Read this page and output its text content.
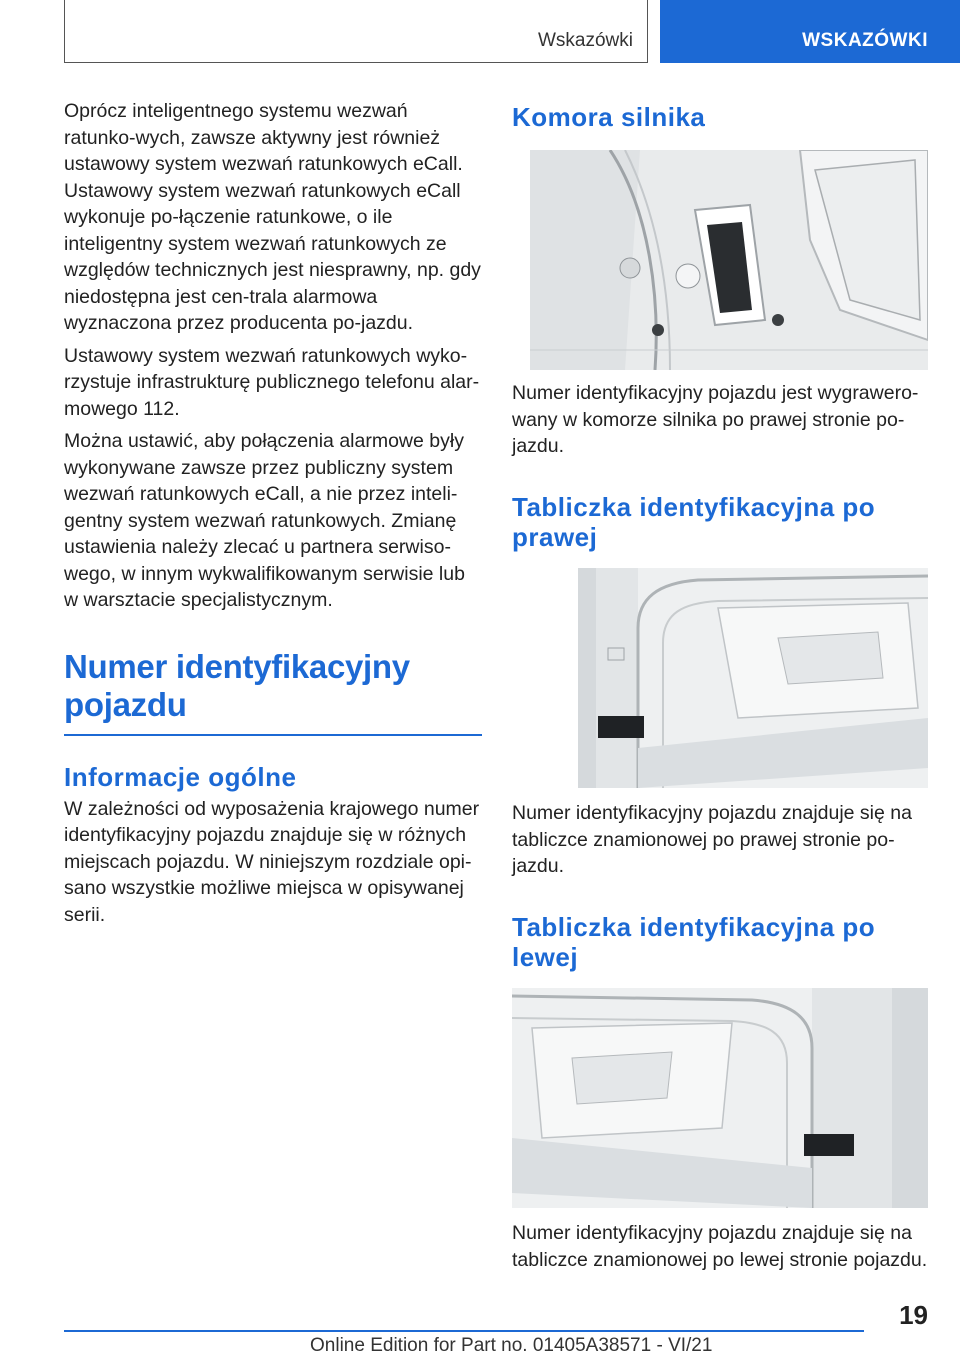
Wskazówki	WSKAZÓWKI

Oprócz inteligentnego systemu wezwań ratunko-wych, zawsze aktywny jest również ustawowy system wezwań ratunkowych eCall. Ustawowy system wezwań ratunkowych eCall wykonuje po-łączenie ratunkowe, o ile inteligentny system wezwań ratunkowych ze względów technicznych jest niesprawny, np. gdy niedostępna jest cen-trala alarmowa wyznaczona przez producenta po-jazdu.

Ustawowy system wezwań ratunkowych wyko-rzystuje infrastrukturę publicznego telefonu alar-mowego 112.

Można ustawić, aby połączenia alarmowe były wykonywane zawsze przez publiczny system wezwań ratunkowych eCall, a nie przez inteli-gentny system wezwań ratunkowych. Zmianę ustawienia należy zlecać u partnera serwiso-wego, w innym wykwalifikowanym serwisie lub w warsztacie specjalistycznym.

Numer identyfikacyjny pojazdu
Informacje ogólne

W zależności od wyposażenia krajowego numer identyfikacyjny pojazdu znajduje się w różnych miejscach pojazdu. W niniejszym rozdziale opi-sano wszystkie możliwe miejsca w opisywanej serii.

Komora silnika

Numer identyfikacyjny pojazdu jest wygrawero-wany w komorze silnika po prawej stronie po-jazdu.

Tabliczka identyfikacyjna po prawej

Numer identyfikacyjny pojazdu znajduje się na tabliczce znamionowej po prawej stronie po-jazdu.

Tabliczka identyfikacyjna po lewej

Numer identyfikacyjny pojazdu znajduje się na tabliczce znamionowej po lewej stronie pojazdu.

19
Online Edition for Part no. 01405A38571 - VI/21
